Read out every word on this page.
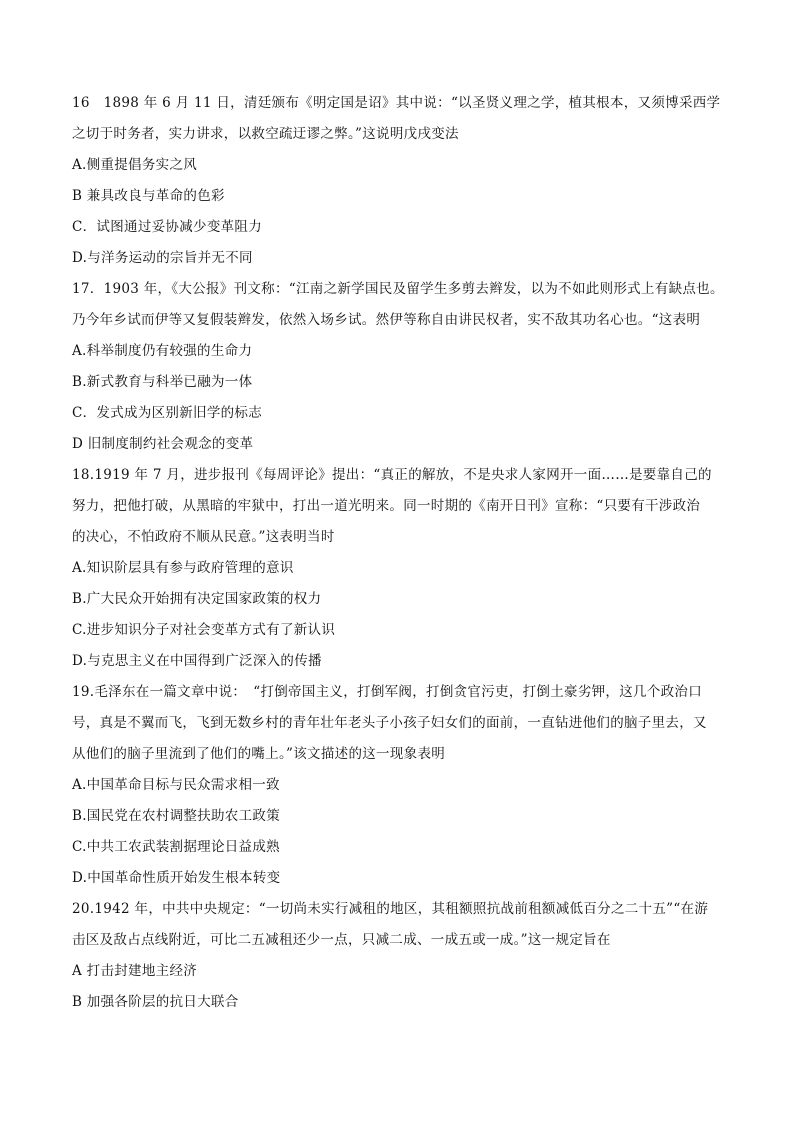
16　1898 年 6 月 11 日，清廷颁布《明定国是诏》其中说：“以圣贤义理之学，植其根本，又须博采西学
之切于时务者，实力讲求，以救空疏迂谬之弊。”这说明戊戌变法
A.侧重提倡务实之风
B 兼具改良与革命的色彩
C．试图通过妥协减少变革阻力
D.与洋务运动的宗旨并无不同
17．1903 年，《大公报》刊文称：“江南之新学国民及留学生多剪去辫发，以为不如此则形式上有缺点也。
乃今年乡试而伊等又复假装辫发，依然入场乡试。然伊等称自由讲民权者，实不敌其功名心也。“这表明
A.科举制度仍有较强的生命力
B.新式教育与科举已融为一体
C．发式成为区别新旧学的标志
D 旧制度制约社会观念的变革
18.1919 年 7 月，进步报刊《每周评论》提出：“真正的解放，不是央求人家网开一面……是要靠自己的
努力，把他打破，从黑暗的牢狱中，打出一道光明来。同一时期的《南开日刊》宣称：“只要有干涉政治
的决心，不怕政府不顺从民意。”这表明当时
A.知识阶层具有参与政府管理的意识
B.广大民众开始拥有决定国家政策的权力
C.进步知识分子对社会变革方式有了新认识
D.与克思主义在中国得到广泛深入的传播
19.毛泽东在一篇文章中说：　“打倒帝国主义，打倒军阀，打倒贪官污吏，打倒土豪劣钾，这几个政治口
号，真是不翼而飞，飞到无数乡村的青年壮年老头子小孩子妇女们的面前，一直钻进他们的脑子里去，又
从他们的脑子里流到了他们的嘴上。”该文描述的这一现象表明
A.中国革命目标与民众需求相一致
B.国民党在农村调整扶助农工政策
C.中共工农武装割据理论日益成熟
D.中国革命性质开始发生根本转变
20.1942 年，中共中央规定：“一切尚未实行减租的地区，其租额照抗战前租额减低百分之二十五”“在游
击区及敌占点线附近，可比二五减租还少一点，只减二成、一成五或一成。”这一规定旨在
A 打击封建地主经济
B 加强各阶层的抗日大联合
